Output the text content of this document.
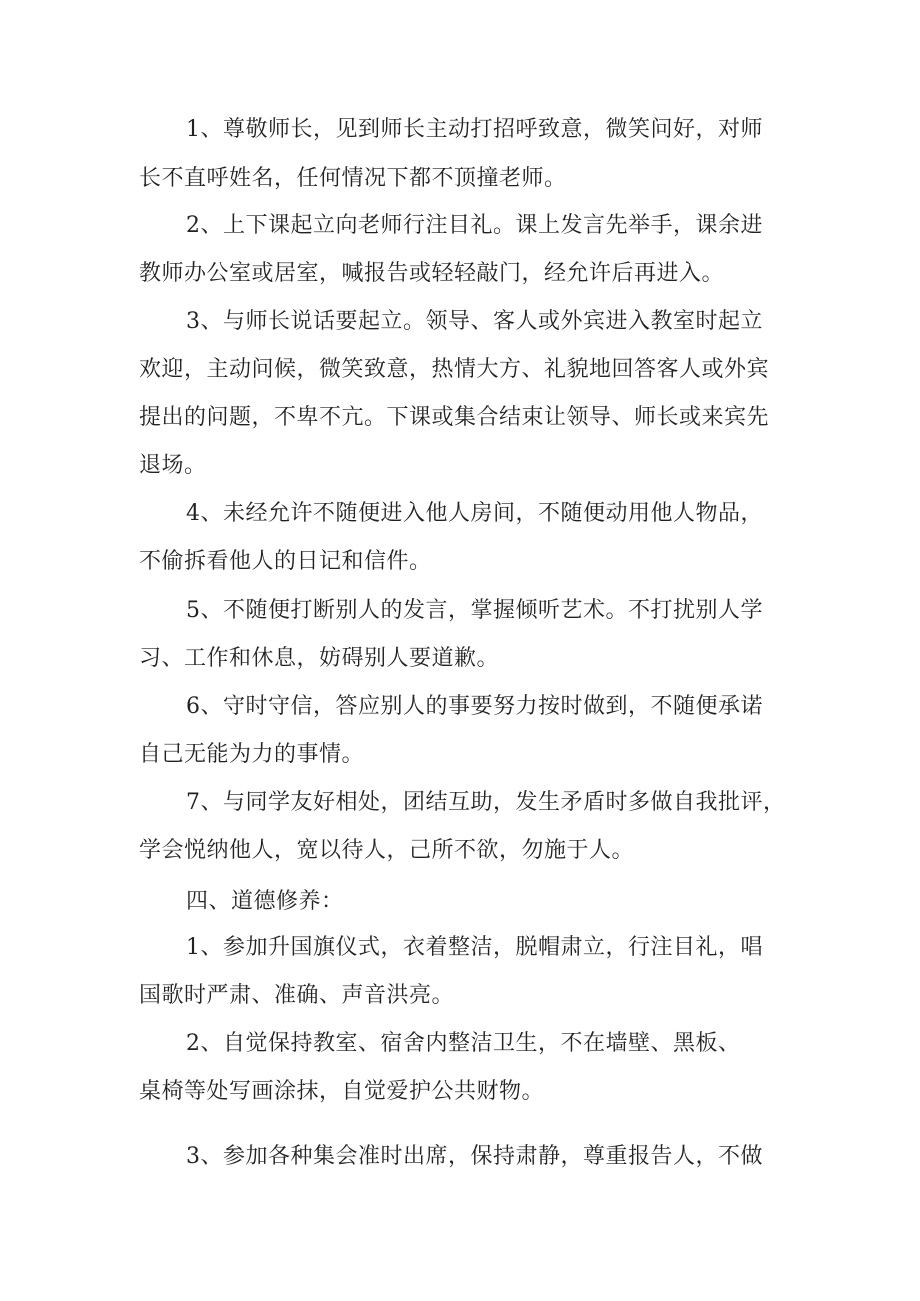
1、尊敬师长，见到师长主动打招呼致意，微笑问好，对师
长不直呼姓名，任何情况下都不顶撞老师。
2、上下课起立向老师行注目礼。课上发言先举手，课余进
教师办公室或居室，喊报告或轻轻敲门，经允许后再进入。
3、与师长说话要起立。领导、客人或外宾进入教室时起立
欢迎，主动问候，微笑致意，热情大方、礼貌地回答客人或外宾
提出的问题，不卑不亢。下课或集合结束让领导、师长或来宾先
退场。
4、未经允许不随便进入他人房间，不随便动用他人物品，
不偷拆看他人的日记和信件。
5、不随便打断别人的发言，掌握倾听艺术。不打扰别人学
习、工作和休息，妨碍别人要道歉。
6、守时守信，答应别人的事要努力按时做到，不随便承诺
自己无能为力的事情。
7、与同学友好相处，团结互助，发生矛盾时多做自我批评，
学会悦纳他人，宽以待人，己所不欲，勿施于人。
四、道德修养：
1、参加升国旗仪式，衣着整洁，脱帽肃立，行注目礼，唱
国歌时严肃、准确、声音洪亮。
2、自觉保持教室、宿舍内整洁卫生，不在墙壁、黑板、
桌椅等处写画涂抹，自觉爱护公共财物。
3、参加各种集会准时出席，保持肃静，尊重报告人，不做
